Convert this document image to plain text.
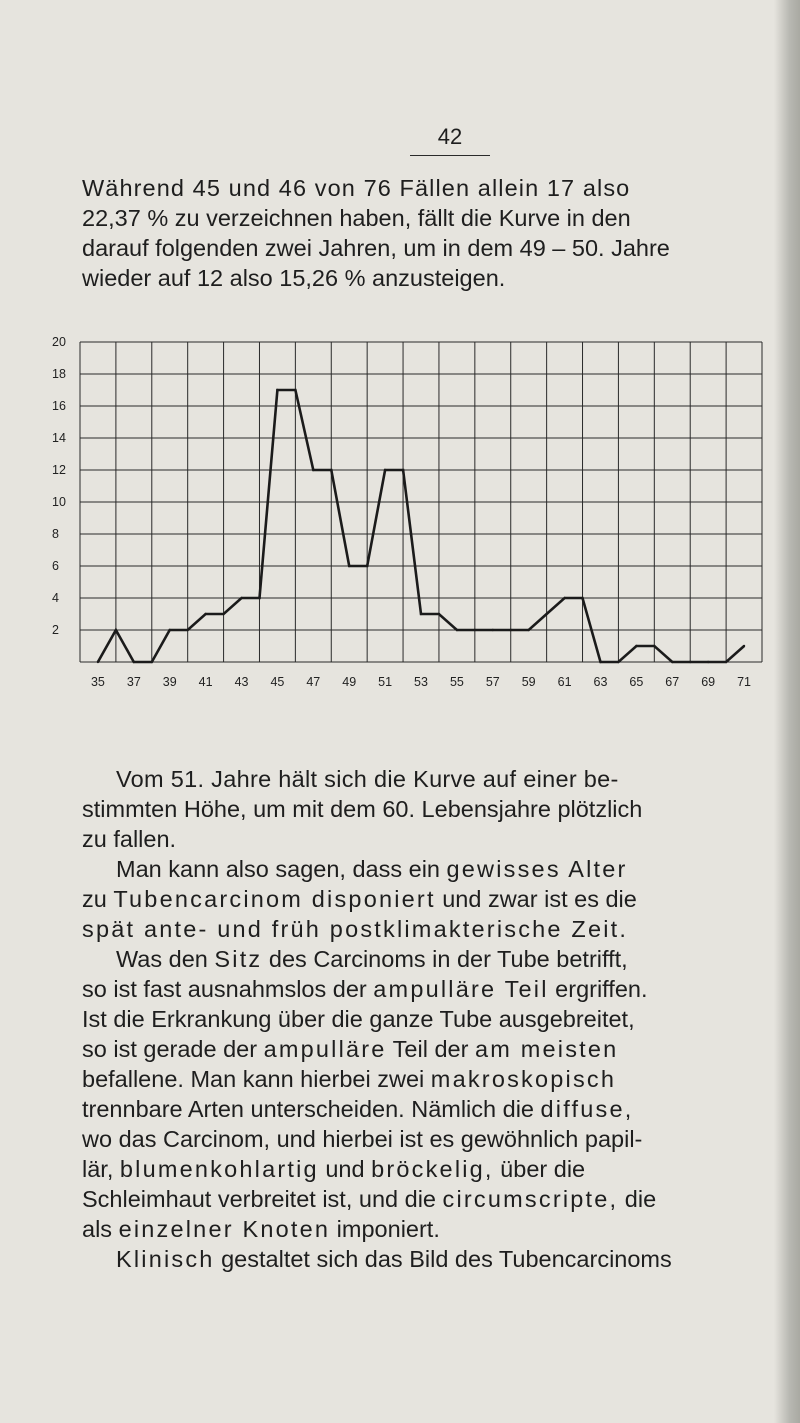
42

Während 45 und 46 von 76 Fällen allein 17 also
22,37 % zu verzeichnen haben, fällt die Kurve in den
darauf folgenden zwei Jahren, um in dem 49 – 50. Jahre
wieder auf 12 also 15,26 % anzusteigen.

2
4
6
8
10
12
14
16
18
20
35 37 39 41 43 45 47 49 51 53 55 57 59 61 63 65 67 69 71
Vom 51. Jahre hält sich die Kurve auf einer be-
stimmten Höhe, um mit dem 60. Lebensjahre plötzlich
zu fallen.
Man kann also sagen, dass ein gewisses Alter
zu Tubencarcinom disponiert und zwar ist es die
spät ante- und früh postklimakterische Zeit.
Was den Sitz des Carcinoms in der Tube betrifft,
so ist fast ausnahmslos der ampulläre Teil ergriffen.
Ist die Erkrankung über die ganze Tube ausgebreitet,
so ist gerade der ampulläre Teil der am meisten
befallene. Man kann hierbei zwei makroskopisch
trennbare Arten unterscheiden. Nämlich die diffuse,
wo das Carcinom, und hierbei ist es gewöhnlich papil-
lär, blumenkohlartig und bröckelig, über die
Schleimhaut verbreitet ist, und die circumscripte, die
als einzelner Knoten imponiert.
Klinisch gestaltet sich das Bild des Tubencarcinoms
